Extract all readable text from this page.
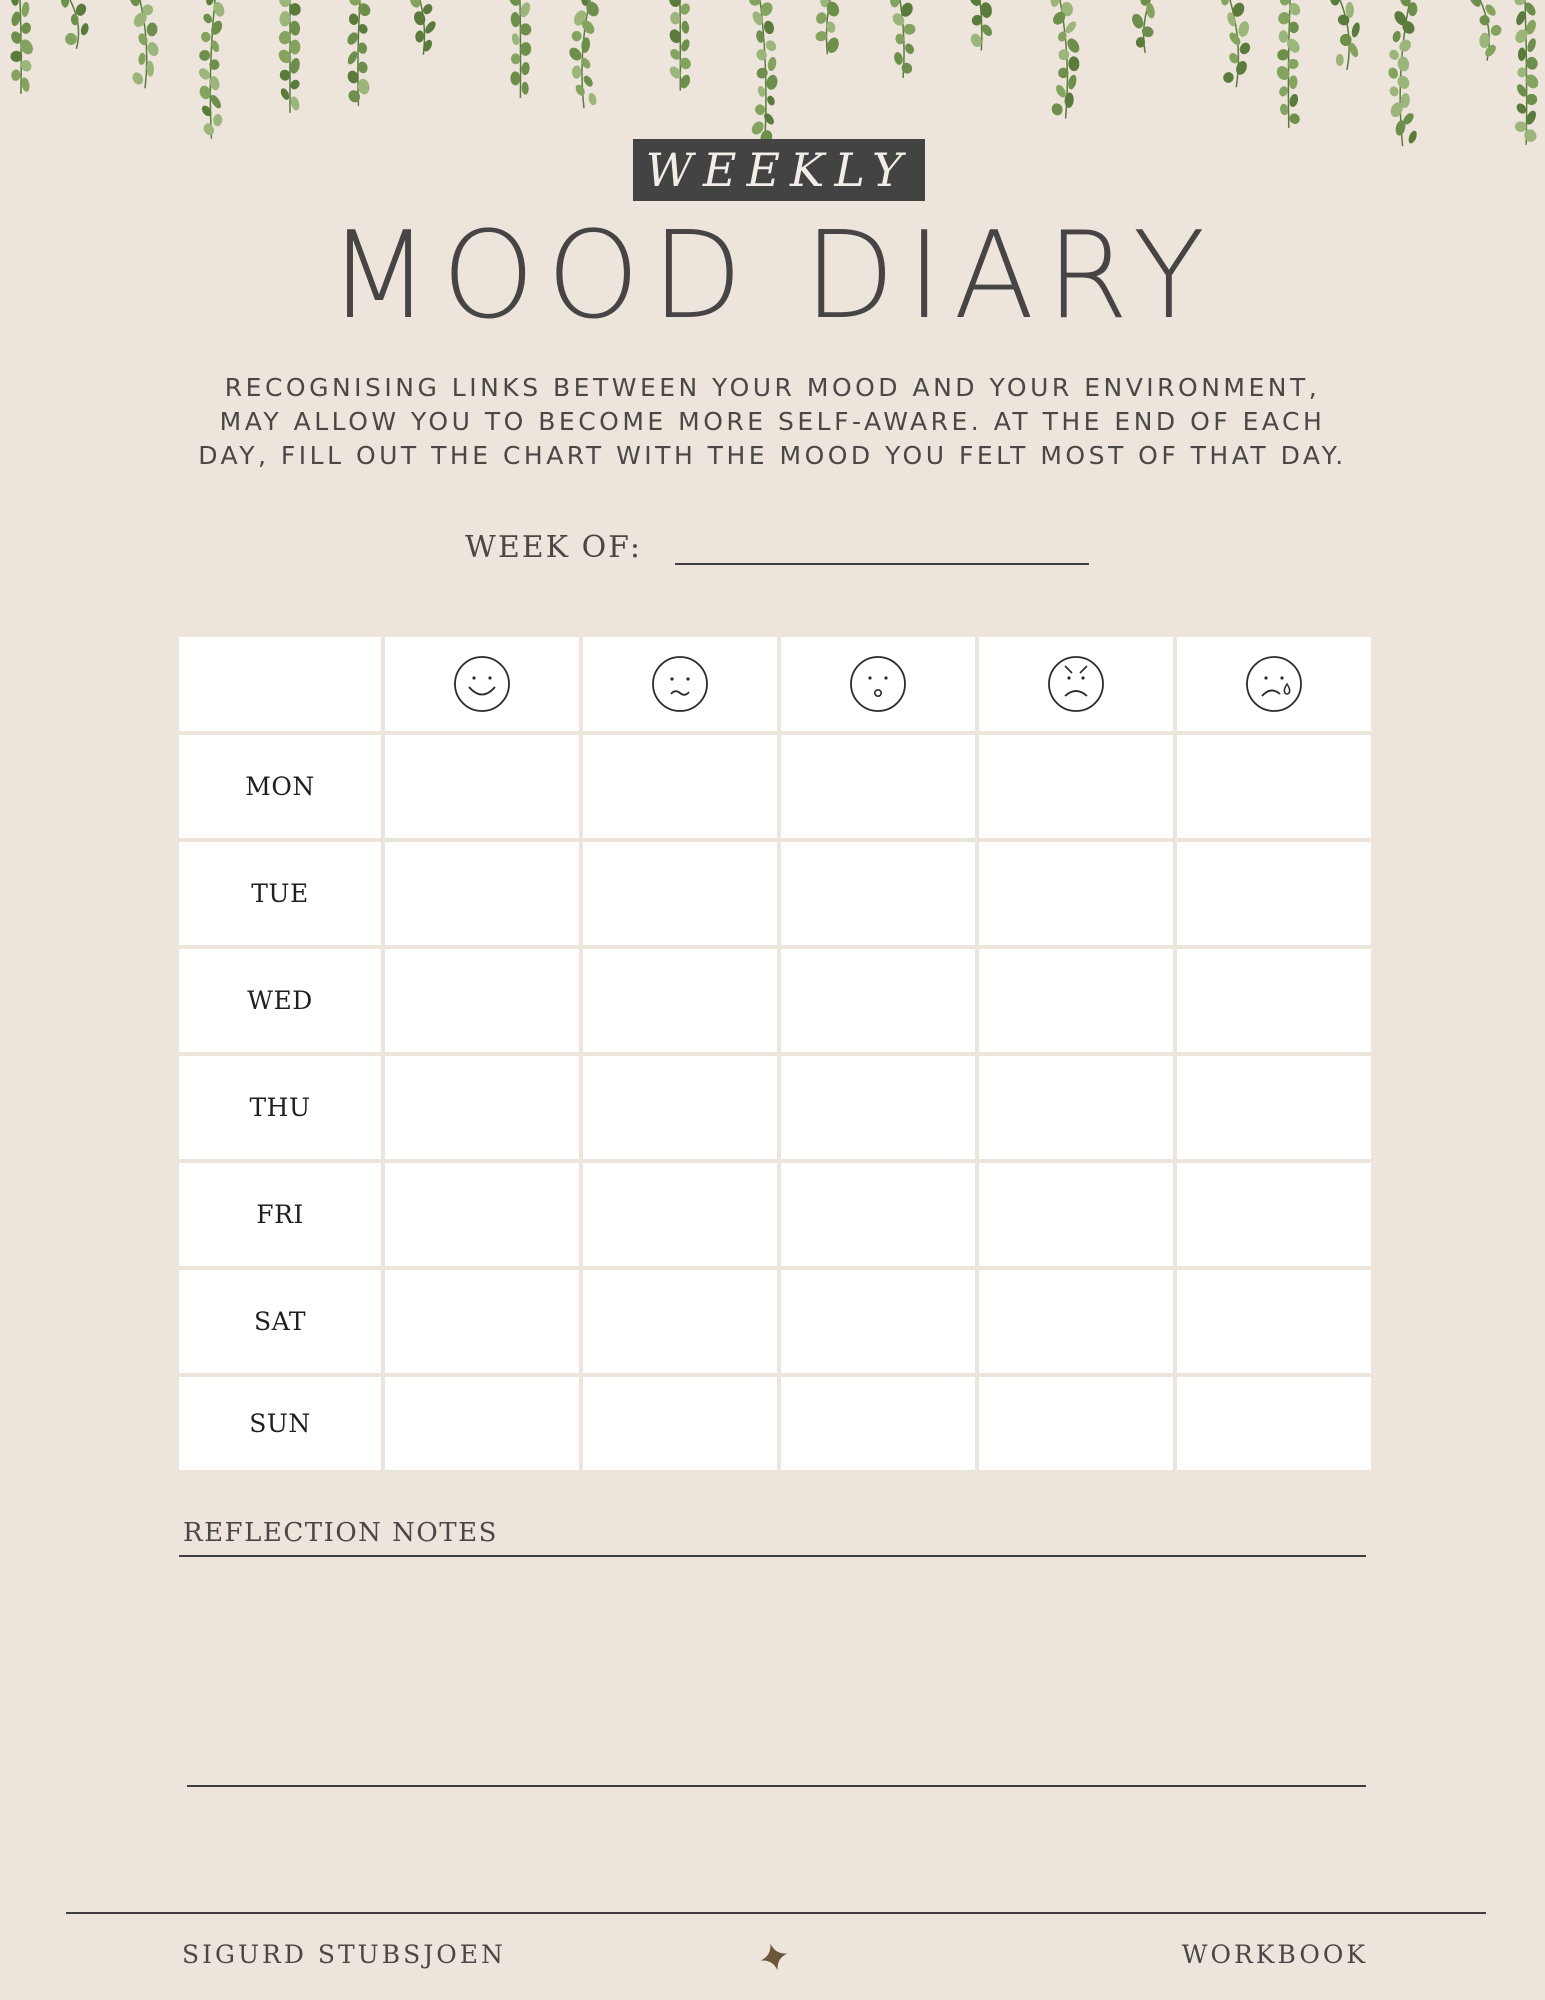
WEEKLY
MOOD DIARY
RECOGNISING LINKS BETWEEN YOUR MOOD AND YOUR ENVIRONMENT,
MAY ALLOW YOU TO BECOME MORE SELF-AWARE. AT THE END OF EACH
DAY, FILL OUT THE CHART WITH THE MOOD YOU FELT MOST OF THAT DAY.
WEEK OF:
MON
TUE
WED
THU
FRI
SAT
SUN
REFLECTION NOTES
SIGURD STUBSJOEN	WORKBOOK
